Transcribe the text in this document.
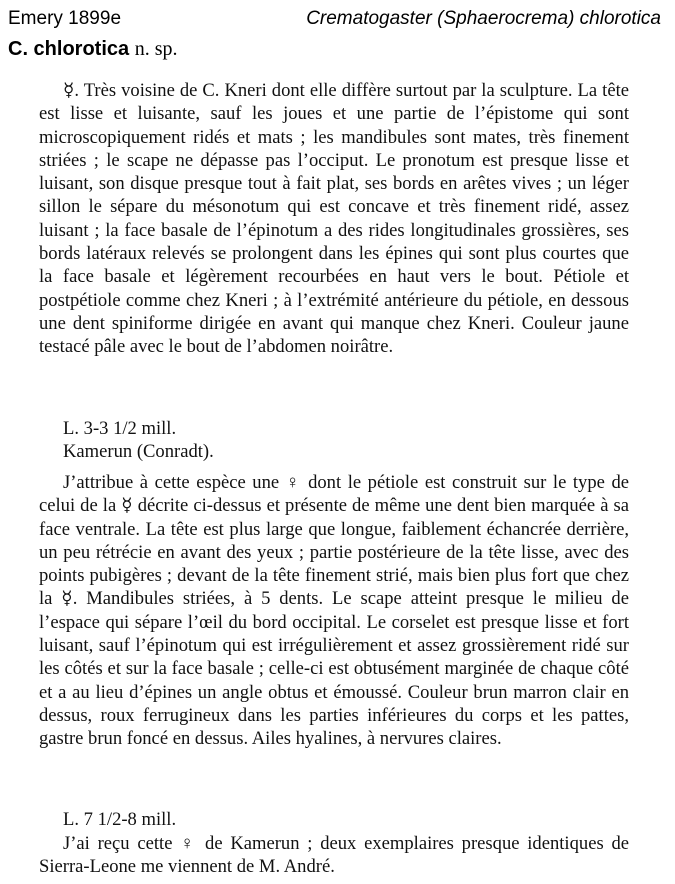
Emery 1899e	Crematogaster (Sphaerocrema) chlorotica
C. chlorotica n. sp.

☿. Très voisine de C. Kneri dont elle diffère surtout par la sculpture. La tête est lisse et luisante, sauf les joues et une partie de l’épistome qui sont microscopiquement ridés et mats ; les mandibules sont mates, très finement striées ; le scape ne dépasse pas l’occiput. Le pronotum est presque lisse et luisant, son disque presque tout à fait plat, ses bords en arêtes vives ; un léger sillon le sépare du mésonotum qui est concave et très finement ridé, assez luisant ; la face basale de l’épinotum a des rides longitudinales grossières, ses bords latéraux relevés se prolongent dans les épines qui sont plus courtes que la face basale et légèrement recourbées en haut vers le bout. Pétiole et postpétiole comme chez Kneri ; à l’extrémité antérieure du pétiole, en dessous une dent spiniforme dirigée en avant qui manque chez Kneri. Couleur jaune testacé pâle avec le bout de l’abdomen noirâtre.

L. 3-3 1/2 mill.

Kamerun (Conradt).

J’attribue à cette espèce une ♀ dont le pétiole est construit sur le type de celui de la ☿ décrite ci-dessus et présente de même une dent bien marquée à sa face ventrale. La tête est plus large que longue, faiblement échancrée derrière, un peu rétrécie en avant des yeux ; partie postérieure de la tête lisse, avec des points pubigères ; devant de la tête finement strié, mais bien plus fort que chez la ☿. Mandibules striées, à 5 dents. Le scape atteint presque le milieu de l’espace qui sépare l’œil du bord occipital. Le corselet est presque lisse et fort luisant, sauf l’épinotum qui est irrégulièrement et assez grossièrement ridé sur les côtés et sur la face basale ; celle-ci est obtusément marginée de chaque côté et a au lieu d’épines un angle obtus et émoussé. Couleur brun marron clair en dessus, roux ferrugineux dans les parties inférieures du corps et les pattes, gastre brun foncé en dessus. Ailes hyalines, à nervures claires.

L. 7 1/2-8 mill.

J’ai reçu cette ♀ de Kamerun ; deux exemplaires presque identiques de Sierra-Leone me viennent de M. André.
